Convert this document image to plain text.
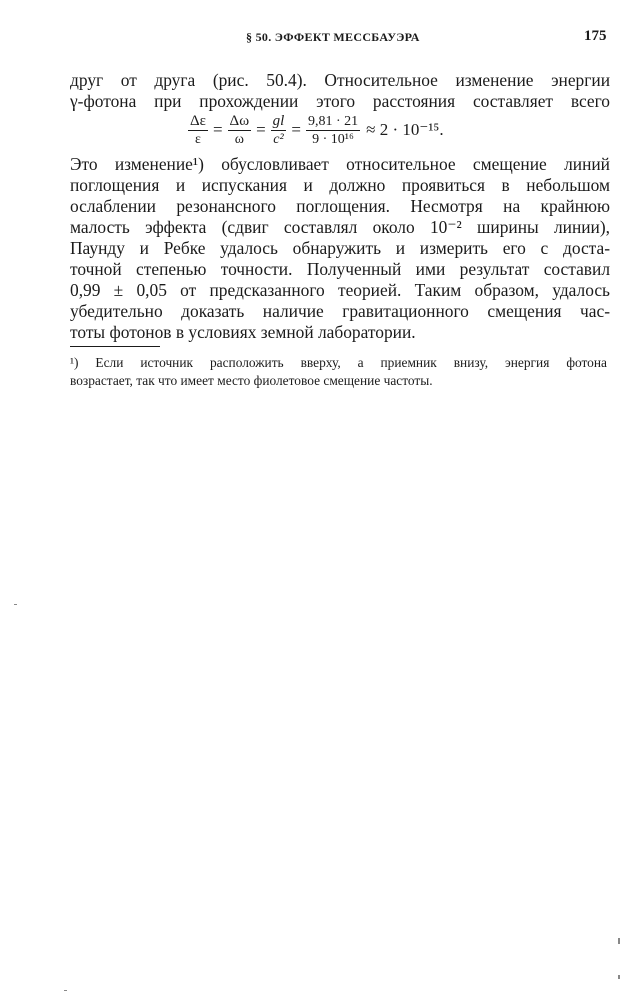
§ 50. ЭФФЕКТ МЕССБАУЭРА	175
друг от друга (рис. 50.4). Относительное изменение энергии
γ-фотона при прохождении этого расстояния составляет всего
$\frac{\Delta\varepsilon}{\varepsilon} = \frac{\Delta\omega}{\omega} = \frac{gl}{\text{c²}} = \frac{9,81 \cdot 21}{\text{9 · 10¹⁶}} \approx 2 \cdot 10^{-15}$.
Это изменение¹) обусловливает относительное смещение линий
поглощения и испускания и должно проявиться в небольшом
ослаблении резонансного поглощения. Несмотря на крайнюю
малость эффекта (сдвиг составлял около 10⁻² ширины линии),
Паунду и Ребке удалось обнаружить и измерить его с доста-
точной степенью точности. Полученный ими результат составил
0,99 ± 0,05 от предсказанного теорией. Таким образом, удалось
убедительно доказать наличие гравитационного смещения час-
тоты фотонов в условиях земной лаборатории.
¹) Если источник расположить вверху, а приемник внизу, энергия фотона
возрастает, так что имеет место фиолетовое смещение частоты.
